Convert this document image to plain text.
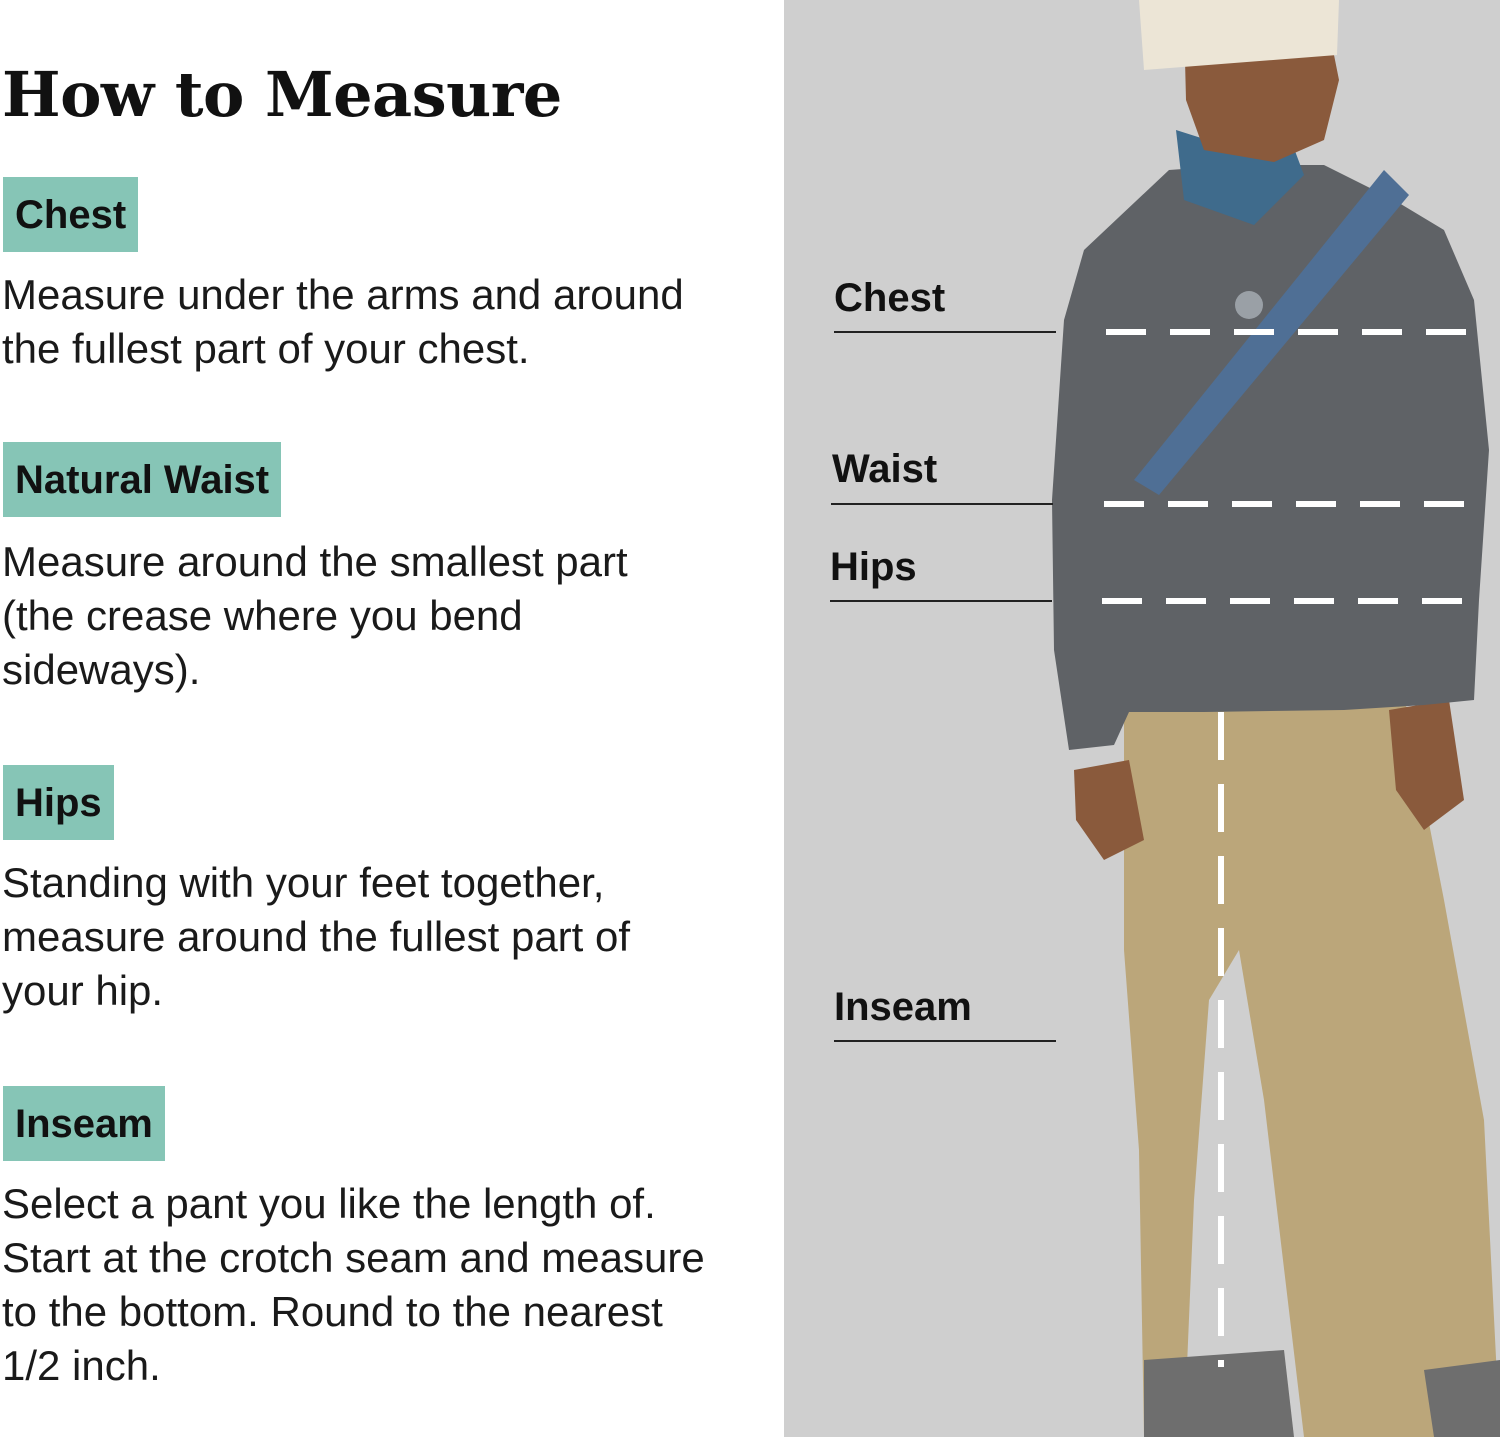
How to Measure
Chest

Measure under the arms and around the fullest part of your chest.

Natural Waist

Measure around the smallest part (the crease where you bend sideways).

Hips

Standing with your feet together, measure around the fullest part of your hip.

Inseam

Select a pant you like the length of. Start at the crotch seam and measure to the bottom. Round to the nearest 1/2 inch.

Chest
Waist
Hips
Inseam
